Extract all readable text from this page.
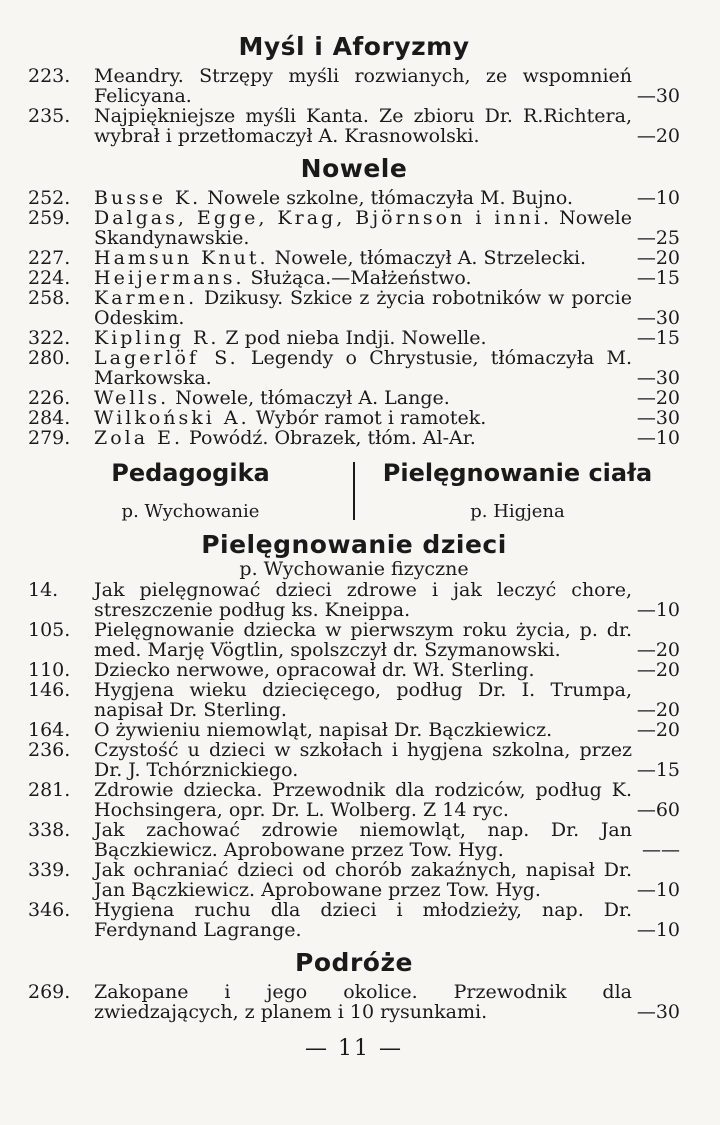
Myśl i Aforyzmy
223.	Meandry. Strzępy myśli rozwianych, ze wspomnień Felicyana.	—30
235.	Najpiękniejsze myśli Kanta. Ze zbioru Dr. R.Richtera, wybrał i przetłomaczył A. Krasnowolski.	—20
Nowele
252.	Busse K. Nowele szkolne, tłómaczyła M. Bujno.	—10
259.	Dalgas, Egge, Krag, Björnson i inni. Nowele Skandynawskie.	—25
227.	Hamsun Knut. Nowele, tłómaczył A. Strzelecki.	—20
224.	Heijermans. Służąca.—Małżeństwo.	—15
258.	Karmen. Dzikusy. Szkice z życia robotników w porcie Odeskim.	—30
322.	Kipling R. Z pod nieba Indji. Nowelle.	—15
280.	Lagerlöf S. Legendy o Chrystusie, tłómaczyła M. Markowska.	—30
226.	Wells. Nowele, tłómaczył A. Lange.	—20
284.	Wilkoński A. Wybór ramot i ramotek.	—30
279.	Zola E. Powódź. Obrazek, tłóm. Al-Ar.	—10
Pedagogika
p. Wychowanie
Pielęgnowanie ciała
p. Higjena
Pielęgnowanie dzieci
p. Wychowanie fizyczne
14.	Jak pielęgnować dzieci zdrowe i jak leczyć chore, streszczenie podług ks. Kneippa.	—10
105.	Pielęgnowanie dziecka w pierwszym roku życia, p. dr. med. Marję Vögtlin, spolszczył dr. Szymanowski.	—20
110.	Dziecko nerwowe, opracował dr. Wł. Sterling.	—20
146.	Hygjena wieku dziecięcego, podług Dr. I. Trumpa, napisał Dr. Sterling.	—20
164.	O żywieniu niemowląt, napisał Dr. Bączkiewicz.	—20
236.	Czystość u dzieci w szkołach i hygjena szkolna, przez Dr. J. Tchórznickiego.	—15
281.	Zdrowie dziecka. Przewodnik dla rodziców, podług K. Hochsingera, opr. Dr. L. Wolberg. Z 14 ryc.	—60
338.	Jak zachować zdrowie niemowląt, nap. Dr. Jan Bączkiewicz. Aprobowane przez Tow. Hyg.	——
339.	Jak ochraniać dzieci od chorób zakaźnych, napisał Dr. Jan Bączkiewicz. Aprobowane przez Tow. Hyg.	—10
346.	Hygiena ruchu dla dzieci i młodzieży, nap. Dr. Ferdynand Lagrange.	—10
Podróże
269.	Zakopane i jego okolice. Przewodnik dla zwiedzających, z planem i 10 rysunkami.	—30
— 11 —
